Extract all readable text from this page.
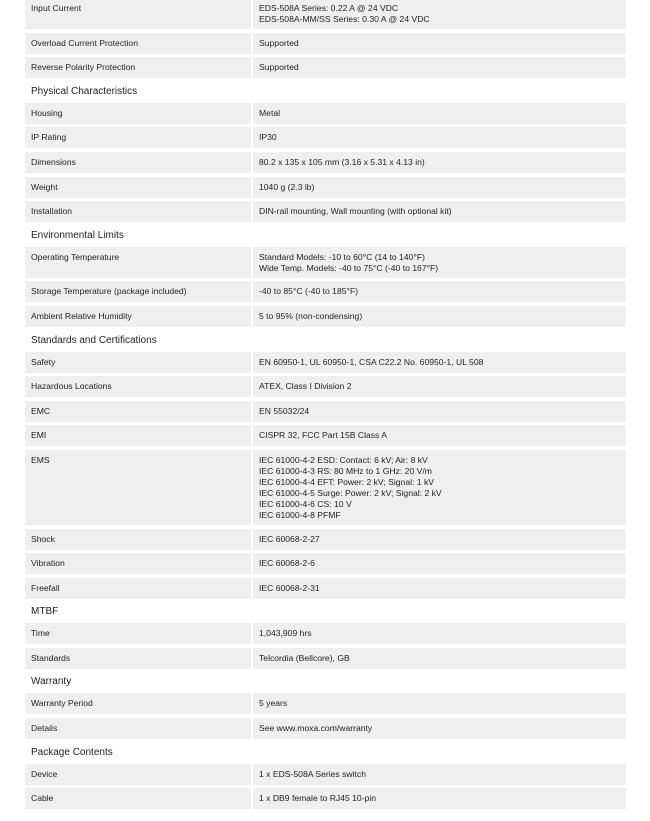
Input Current	EDS-508A Series: 0.22 A @ 24 VDC
EDS-508A-MM/SS Series: 0.30 A @ 24 VDC
Overload Current Protection	Supported
Reverse Polarity Protection	Supported
Physical Characteristics
Housing	Metal
IP Rating	IP30
Dimensions	80.2 x 135 x 105 mm (3.16 x 5.31 x 4.13 in)
Weight	1040 g (2.3 lb)
Installation	DIN-rail mounting, Wall mounting (with optional kit)
Environmental Limits
Operating Temperature	Standard Models: -10 to 60°C (14 to 140°F)
Wide Temp. Models: -40 to 75°C (-40 to 167°F)
Storage Temperature (package included)	-40 to 85°C (-40 to 185°F)
Ambient Relative Humidity	5 to 95% (non-condensing)
Standards and Certifications
Safety	EN 60950-1, UL 60950-1, CSA C22.2 No. 60950-1, UL 508
Hazardous Locations	ATEX, Class I Division 2
EMC	EN 55032/24
EMI	CISPR 32, FCC Part 15B Class A
EMS	IEC 61000-4-2 ESD: Contact: 6 kV; Air: 8 kV
IEC 61000-4-3 RS: 80 MHz to 1 GHz: 20 V/m
IEC 61000-4-4 EFT: Power: 2 kV; Signal: 1 kV
IEC 61000-4-5 Surge: Power: 2 kV; Signal: 2 kV
IEC 61000-4-6 CS: 10 V
IEC 61000-4-8 PFMF
Shock	IEC 60068-2-27
Vibration	IEC 60068-2-6
Freefall	IEC 60068-2-31
MTBF
Time	1,043,909 hrs
Standards	Telcordia (Bellcore), GB
Warranty
Warranty Period	5 years
Details	See www.moxa.com/warranty
Package Contents
Device	1 x EDS-508A Series switch
Cable	1 x DB9 female to RJ45 10-pin
